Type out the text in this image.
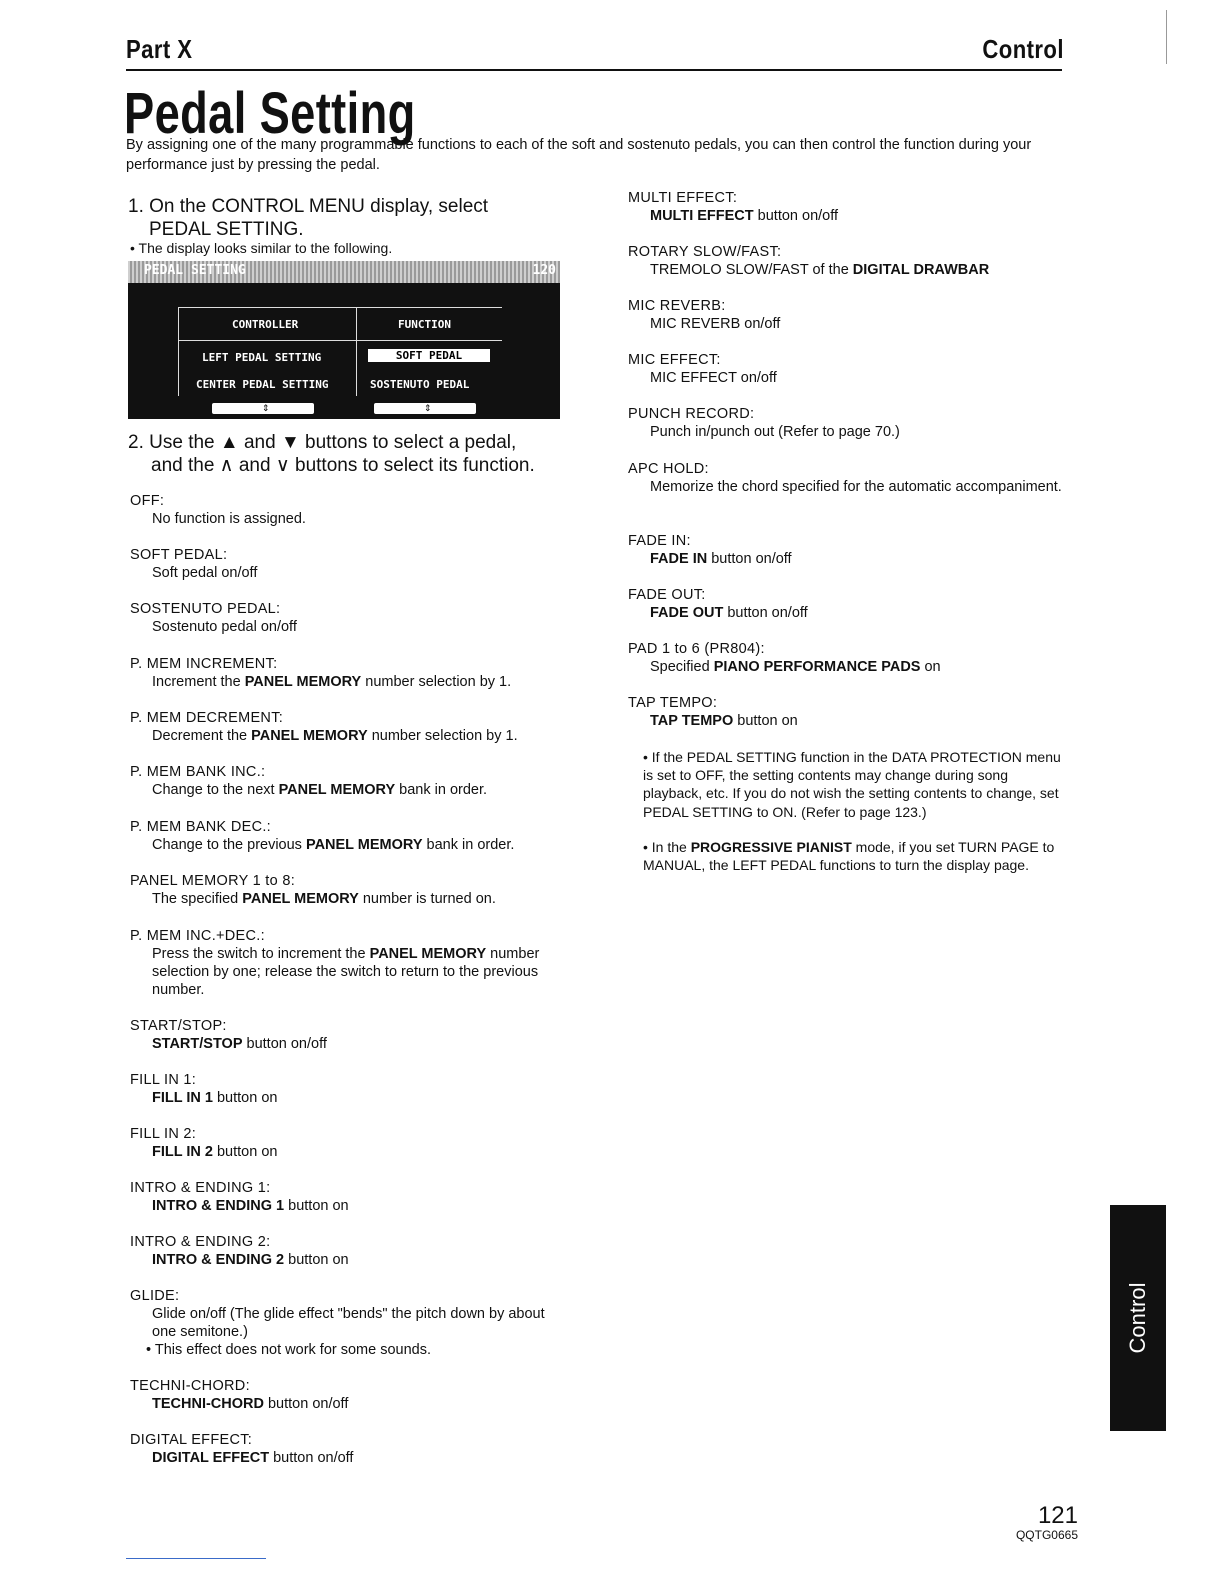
Part X	Control
Pedal Setting
By assigning one of the many programmable functions to each of the soft and sostenuto pedals, you can then control the function during your performance just by pressing the pedal.
1. On the CONTROL MENU display, select
PEDAL SETTING.
• The display looks similar to the following.
PEDAL SETTING	120
CONTROLLER	FUNCTION
LEFT PEDAL SETTING	SOFT PEDAL
CENTER PEDAL SETTING	SOSTENUTO PEDAL
⇕	⇕
2. Use the ▲ and ▼ buttons to select a pedal,
and the ∧ and ∨ buttons to select its function.
OFF:
No function is assigned.
SOFT PEDAL:
Soft pedal on/off
SOSTENUTO PEDAL:
Sostenuto pedal on/off
P. MEM INCREMENT:
Increment the PANEL MEMORY number selection by 1.
P. MEM DECREMENT:
Decrement the PANEL MEMORY number selection by 1.
P. MEM BANK INC.:
Change to the next PANEL MEMORY bank in order.
P. MEM BANK DEC.:
Change to the previous PANEL MEMORY bank in order.
PANEL MEMORY 1 to 8:
The specified PANEL MEMORY number is turned on.
P. MEM INC.+DEC.:
Press the switch to increment the PANEL MEMORY number selection by one; release the switch to return to the previous number.
START/STOP:
START/STOP button on/off
FILL IN 1:
FILL IN 1 button on
FILL IN 2:
FILL IN 2 button on
INTRO & ENDING 1:
INTRO & ENDING 1 button on
INTRO & ENDING 2:
INTRO & ENDING 2 button on
GLIDE:
Glide on/off (The glide effect "bends" the pitch down by about one semitone.)
• This effect does not work for some sounds.
TECHNI-CHORD:
TECHNI-CHORD button on/off
DIGITAL EFFECT:
DIGITAL EFFECT button on/off
MULTI EFFECT:
MULTI EFFECT button on/off
ROTARY SLOW/FAST:
TREMOLO SLOW/FAST of the DIGITAL DRAWBAR
MIC REVERB:
MIC REVERB on/off
MIC EFFECT:
MIC EFFECT on/off
PUNCH RECORD:
Punch in/punch out (Refer to page 70.)
APC HOLD:
Memorize the chord specified for the automatic accompaniment.
FADE IN:
FADE IN button on/off
FADE OUT:
FADE OUT button on/off
PAD 1 to 6 (PR804):
Specified PIANO PERFORMANCE PADS on
TAP TEMPO:
TAP TEMPO button on
• If the PEDAL SETTING function in the DATA PROTECTION menu is set to OFF, the setting contents may change during song playback, etc. If you do not wish the setting contents to change, set PEDAL SETTING to ON. (Refer to page 123.)
• In the PROGRESSIVE PIANIST mode, if you set TURN PAGE to MANUAL, the LEFT PEDAL functions to turn the display page.
Control
121
QQTG0665
